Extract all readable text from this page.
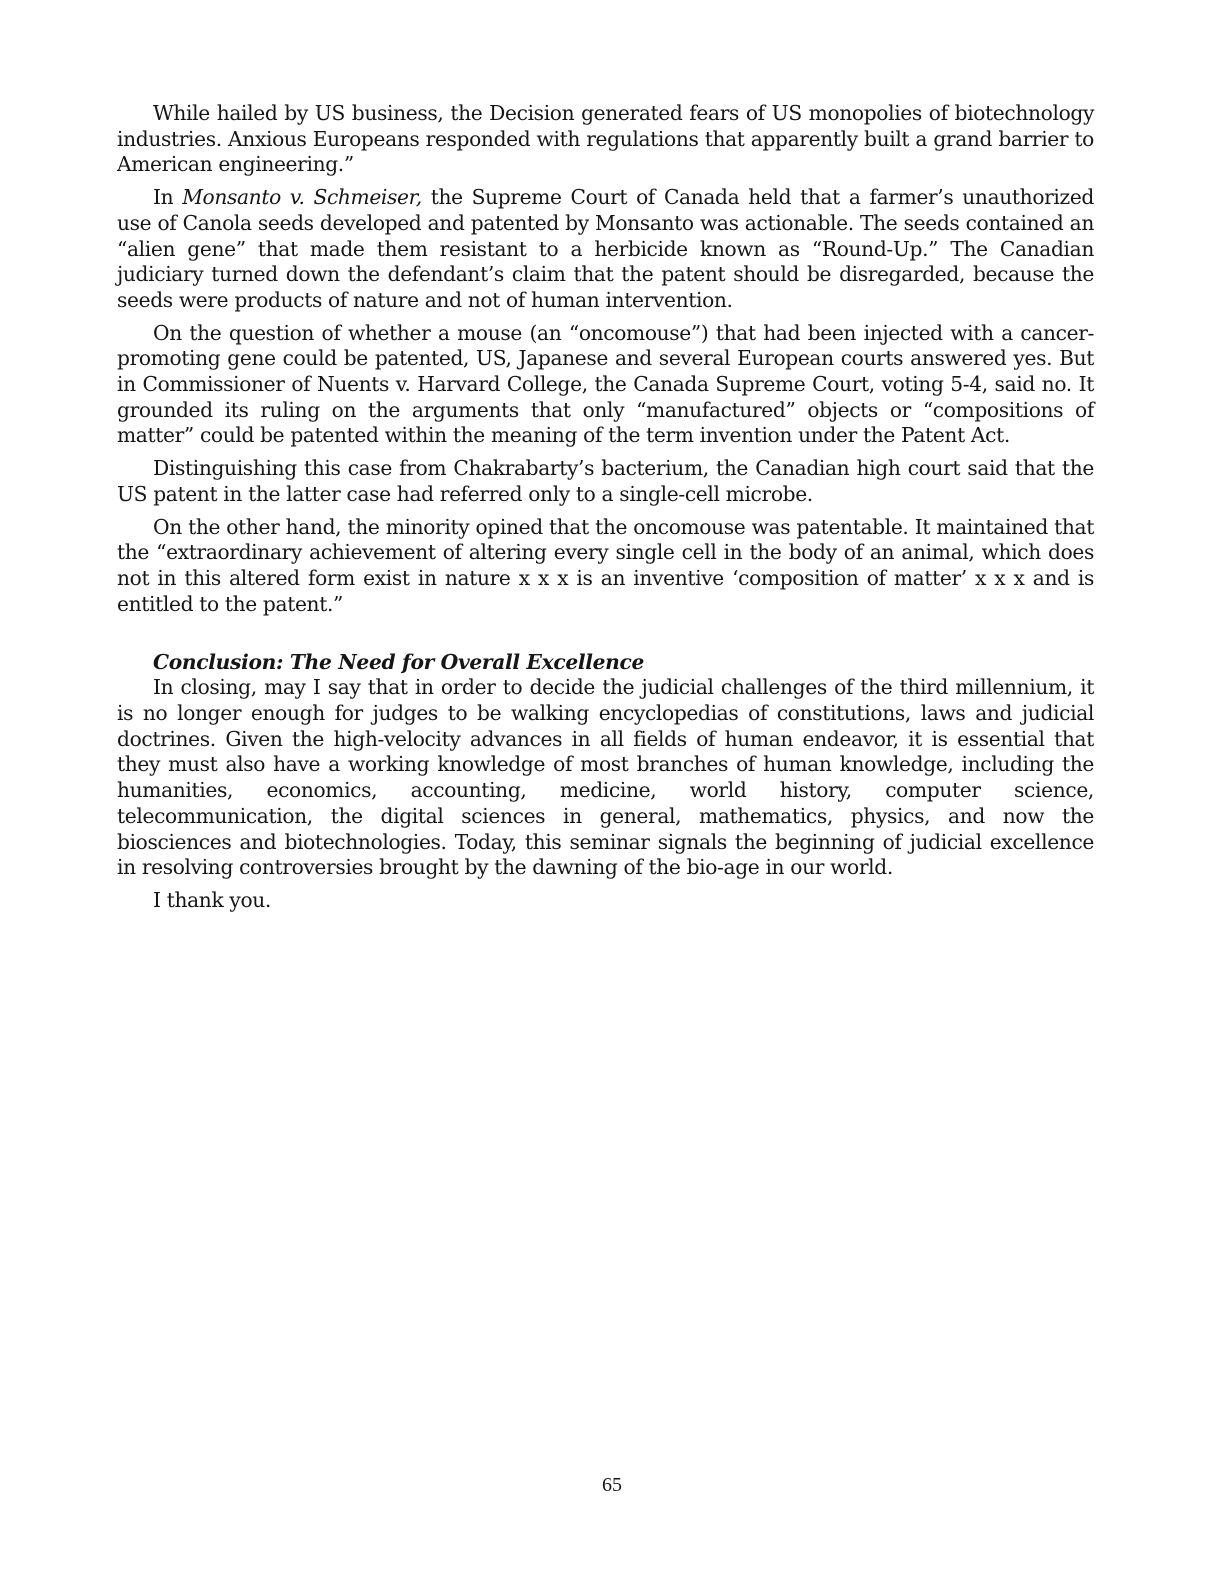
While hailed by US business, the Decision generated fears of US monopolies of biotechnology industries. Anxious Europeans responded with regulations that apparently built a grand barrier to American engineering.”

In Monsanto v. Schmeiser, the Supreme Court of Canada held that a farmer’s unauthorized use of Canola seeds developed and patented by Monsanto was actionable. The seeds contained an “alien gene” that made them resistant to a herbicide known as “Round-Up.” The Canadian judiciary turned down the defendant’s claim that the patent should be disregarded, because the seeds were products of nature and not of human intervention.

On the question of whether a mouse (an “oncomouse”) that had been injected with a cancer-promoting gene could be patented, US, Japanese and several European courts answered yes. But in Commissioner of Nuents v. Harvard College, the Canada Supreme Court, voting 5-4, said no. It grounded its ruling on the arguments that only “manufactured” objects or “compositions of matter” could be patented within the meaning of the term invention under the Patent Act.

Distinguishing this case from Chakrabarty’s bacterium, the Canadian high court said that the US patent in the latter case had referred only to a single-cell microbe.

On the other hand, the minority opined that the oncomouse was patentable. It maintained that the “extraordinary achievement of altering every single cell in the body of an animal, which does not in this altered form exist in nature x x x is an inventive ‘composition of matter’ x x x and is entitled to the patent.”

Conclusion: The Need for Overall Excellence

In closing, may I say that in order to decide the judicial challenges of the third millennium, it is no longer enough for judges to be walking encyclopedias of constitutions, laws and judicial doctrines. Given the high-velocity advances in all fields of human endeavor, it is essential that they must also have a working knowledge of most branches of human knowledge, including the humanities, economics, accounting, medicine, world history, computer science, telecommunication, the digital sciences in general, mathematics, physics, and now the biosciences and biotechnologies. Today, this seminar signals the beginning of judicial excellence in resolving controversies brought by the dawning of the bio-age in our world.

I thank you.

65
